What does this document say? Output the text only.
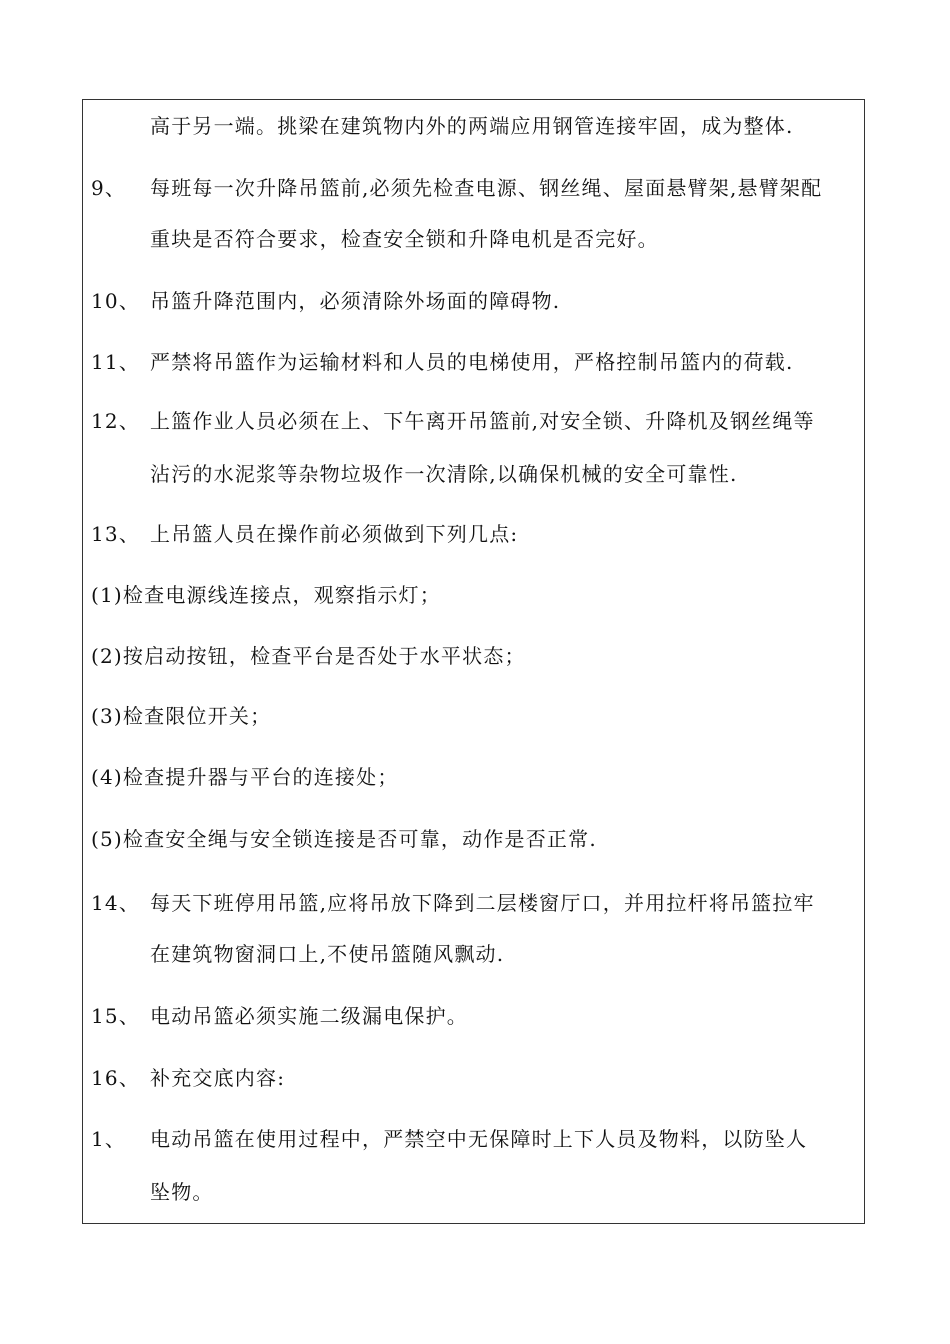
高于另一端。挑梁在建筑物内外的两端应用钢管连接牢固，成为整体.
9、 每班每一次升降吊篮前,必须先检查电源、钢丝绳、屋面悬臂架,悬臂架配
重块是否符合要求，检查安全锁和升降电机是否完好。
10、 吊篮升降范围内，必须清除外场面的障碍物.
11、 严禁将吊篮作为运输材料和人员的电梯使用，严格控制吊篮内的荷载.
12、 上篮作业人员必须在上、下午离开吊篮前,对安全锁、升降机及钢丝绳等
沾污的水泥浆等杂物垃圾作一次清除,以确保机械的安全可靠性.
13、 上吊篮人员在操作前必须做到下列几点:
(1)检查电源线连接点，观察指示灯；
(2)按启动按钮，检查平台是否处于水平状态；
(3)检查限位开关；
(4)检查提升器与平台的连接处；
(5)检查安全绳与安全锁连接是否可靠，动作是否正常.
14、 每天下班停用吊篮,应将吊放下降到二层楼窗厅口，并用拉杆将吊篮拉牢
在建筑物窗洞口上,不使吊篮随风飘动.
15、 电动吊篮必须实施二级漏电保护。
16、 补充交底内容:
1、 电动吊篮在使用过程中，严禁空中无保障时上下人员及物料，以防坠人
坠物。
